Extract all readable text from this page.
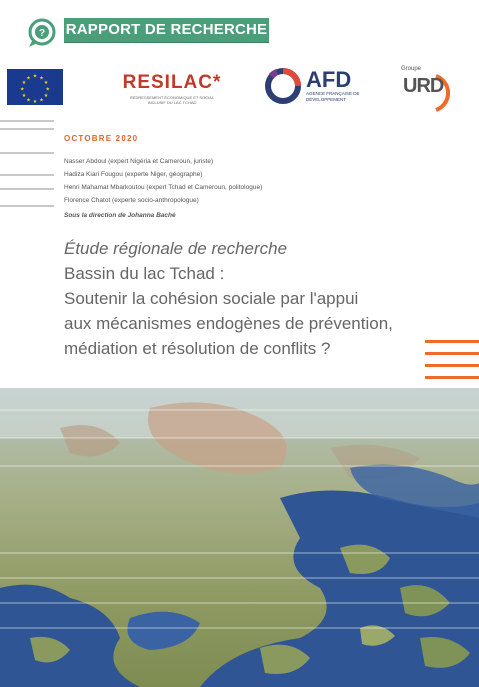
? RAPPORT DE RECHERCHE
★ ★
★
★
★
★
★
★
★
★
★
★	RESILAC*
REDRESSEMENT ÉCONOMIQUE ET SOCIAL INCLUSIF DU LAC TCHAD
AFD
AGENCE FRANÇAISE DE DÉVELOPPEMENT
Groupe
URD
OCTOBRE 2020
Nasser Abdoul (expert Nigéria et Cameroun, juriste)
Hadiza Kiari Fougou (experte Niger, géographe)
Henri Mahamat Mbarkoutou (expert Tchad et Cameroun, politologue)
Florence Chatot (experte socio-anthropologue)
Sous la direction de Johanna Baché
Étude régionale de recherche
Bassin du lac Tchad :
Soutenir la cohésion sociale par l'appui
aux mécanismes endogènes de prévention,
médiation et résolution de conflits ?
